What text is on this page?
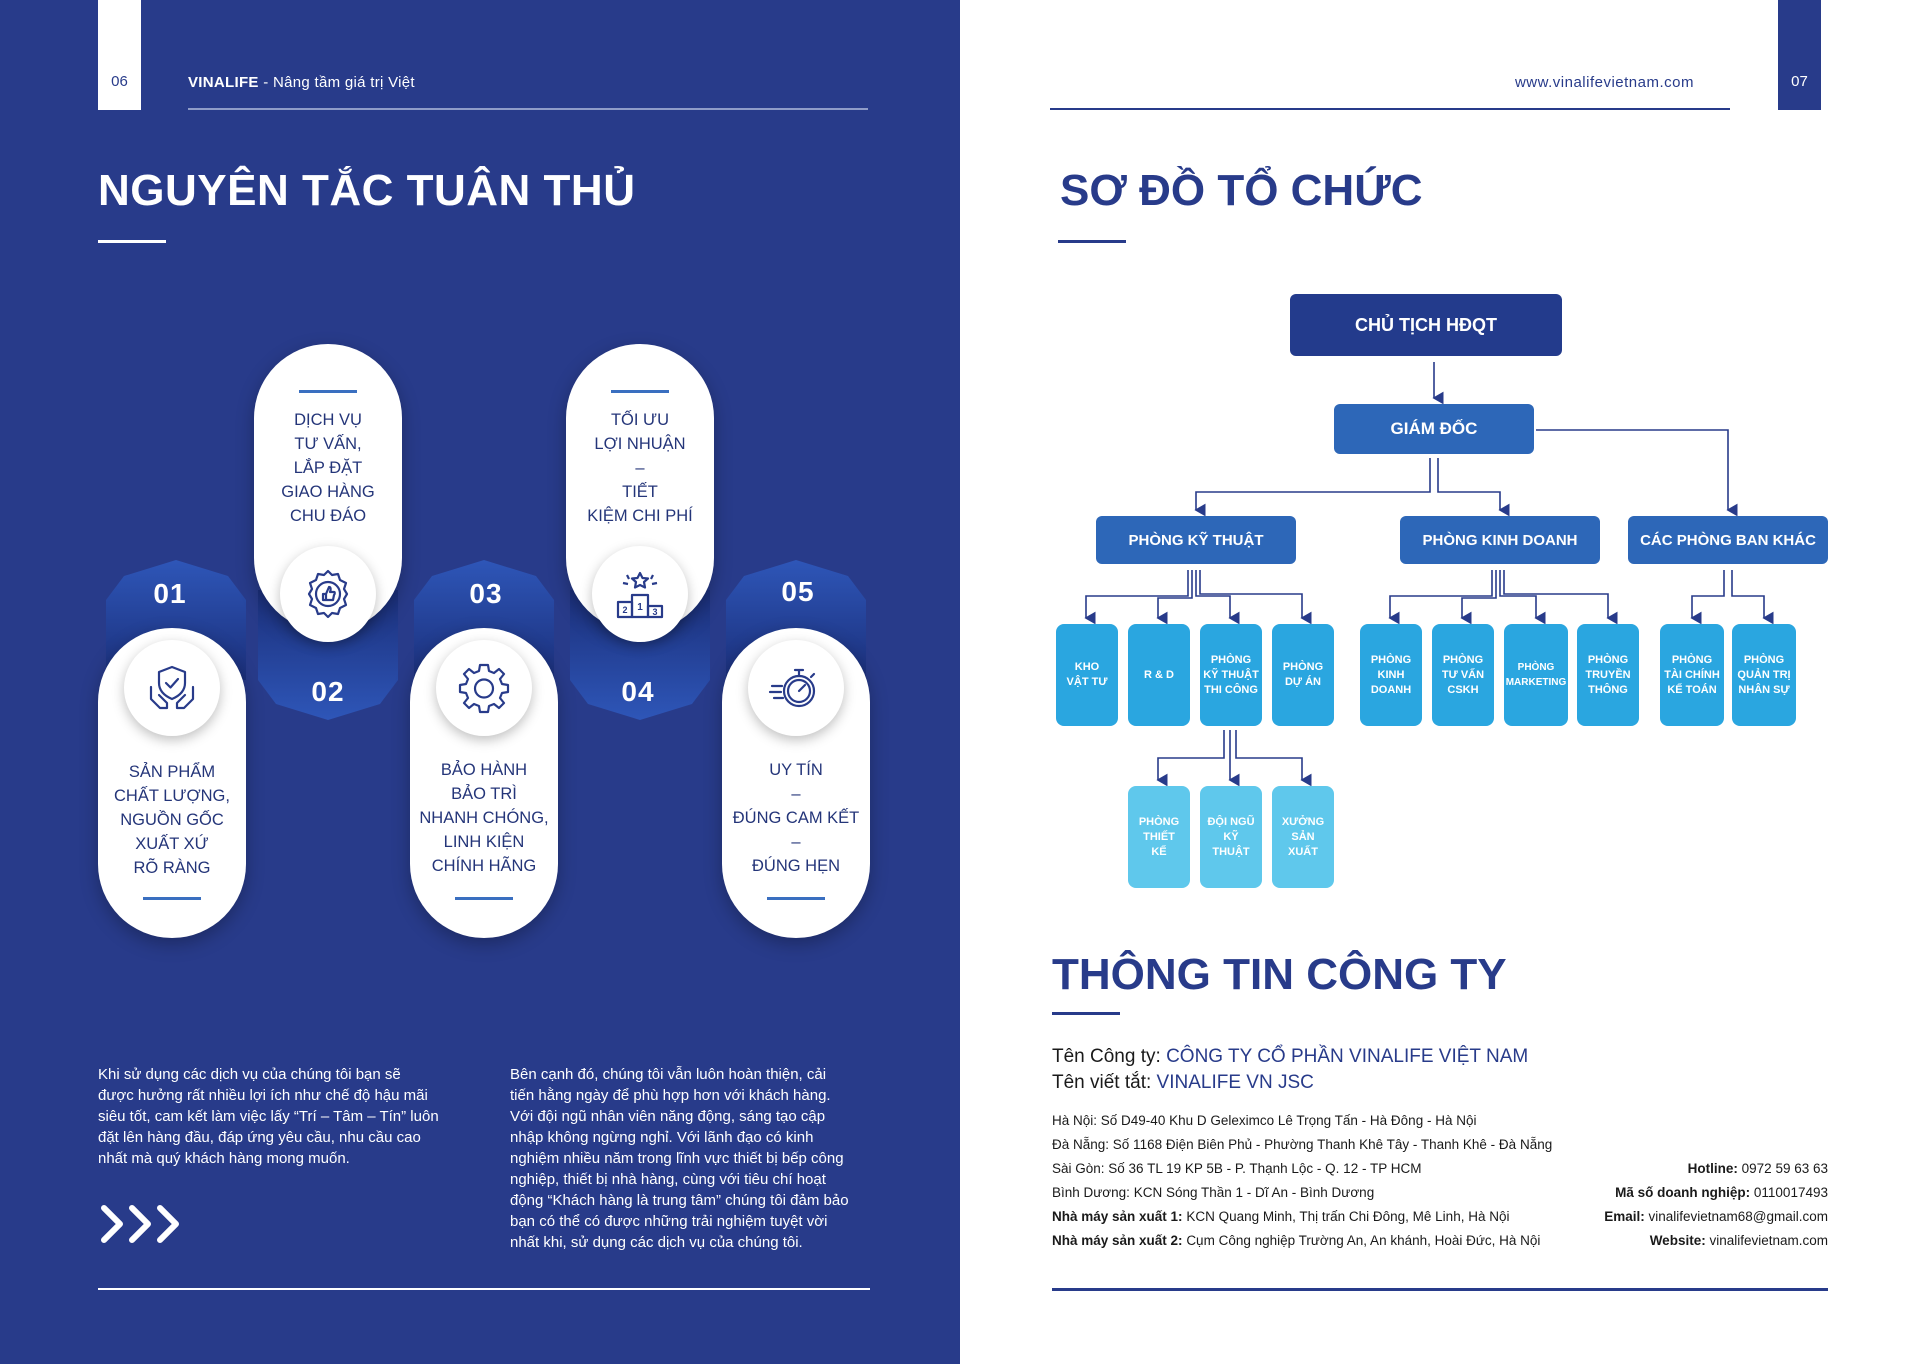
06	VINALIFE - Nâng tầm giá trị Việt
NGUYÊN TẮC TUÂN THỦ
01
SẢN PHẨM
CHẤT LƯỢNG,
NGUỒN GỐC
XUẤT XỨ
RÕ RÀNG
02
DỊCH VỤ
TƯ VẤN,
LẮP ĐẶT
GIAO HÀNG
CHU ĐÁO
03
BẢO HÀNH
BẢO TRÌ
NHANH CHÓNG,
LINH KIỆN
CHÍNH HÃNG
04
TỐI ƯU
LỢI NHUẬN
–
TIẾT
KIỆM CHI PHÍ
1
2	3
05
UY TÍN
–
ĐÚNG CAM KẾT
–
ĐÚNG HẸN
Khi sử dụng các dịch vụ của chúng tôi bạn sẽ
được hưởng rất nhiều lợi ích như chế độ hậu mãi
siêu tốt, cam kết làm việc lấy “Trí – Tâm – Tín” luôn
đặt lên hàng đầu, đáp ứng yêu cầu, nhu cầu cao
nhất mà quý khách hàng mong muốn.
Bên cạnh đó, chúng tôi vẫn luôn hoàn thiện, cải
tiến hằng ngày để phù hợp hơn với khách hàng.
Với đội ngũ nhân viên năng động, sáng tạo cập
nhập không ngừng nghỉ. Với lãnh đạo có kinh
nghiệm nhiều năm trong lĩnh vực thiết bị bếp công
nghiệp, thiết bị nhà hàng, cùng với tiêu chí hoạt
động “Khách hàng là trung tâm” chúng tôi đảm bảo
bạn có thể có được những trải nghiệm tuyệt vời
nhất khi, sử dụng các dịch vụ của chúng tôi.
www.vinalifevietnam.com	07
SƠ ĐỒ TỔ CHỨC
CHỦ TỊCH HĐQT
GIÁM ĐỐC
PHÒNG KỸ THUẬT	PHÒNG KINH DOANH	CÁC PHÒNG BAN KHÁC
KHO
VẬT TƯ
R & D
PHÒNG
KỸ THUẬT
THI CÔNG
PHÒNG
DỰ ÁN
PHÒNG
KINH
DOANH
PHÒNG
TƯ VẤN
CSKH
PHÒNG
MARKETING
PHÒNG
TRUYỀN
THÔNG
PHÒNG
TÀI CHÍNH
KẾ TOÁN
PHÒNG
QUẢN TRỊ
NHÂN SỰ
PHÒNG
THIẾT
KẾ
ĐỘI NGŨ
KỸ
THUẬT
XƯỞNG
SẢN
XUẤT
THÔNG TIN CÔNG TY
Tên Công ty: CÔNG TY CỔ PHẦN VINALIFE VIỆT NAM
Tên viết tắt: VINALIFE VN JSC
Hà Nội: Số D49-40 Khu D Geleximco Lê Trọng Tấn - Hà Đông - Hà Nội
Đà Nẵng: Số 1168 Điện Biên Phủ - Phường Thanh Khê Tây - Thanh Khê - Đà Nẵng
Sài Gòn: Số 36 TL 19 KP 5B - P. Thạnh Lộc - Q. 12 - TP HCM
Bình Dương: KCN Sóng Thần 1 - Dĩ An - Bình Dương
Nhà máy sản xuất 1: KCN Quang Minh, Thị trấn Chi Đông, Mê Linh, Hà Nội
Nhà máy sản xuất 2: Cụm Công nghiệp Trường An, An khánh, Hoài Đức, Hà Nội
Hotline: 0972 59 63 63
Mã số doanh nghiệp: 0110017493
Email: vinalifevietnam68@gmail.com
Website: vinalifevietnam.com
